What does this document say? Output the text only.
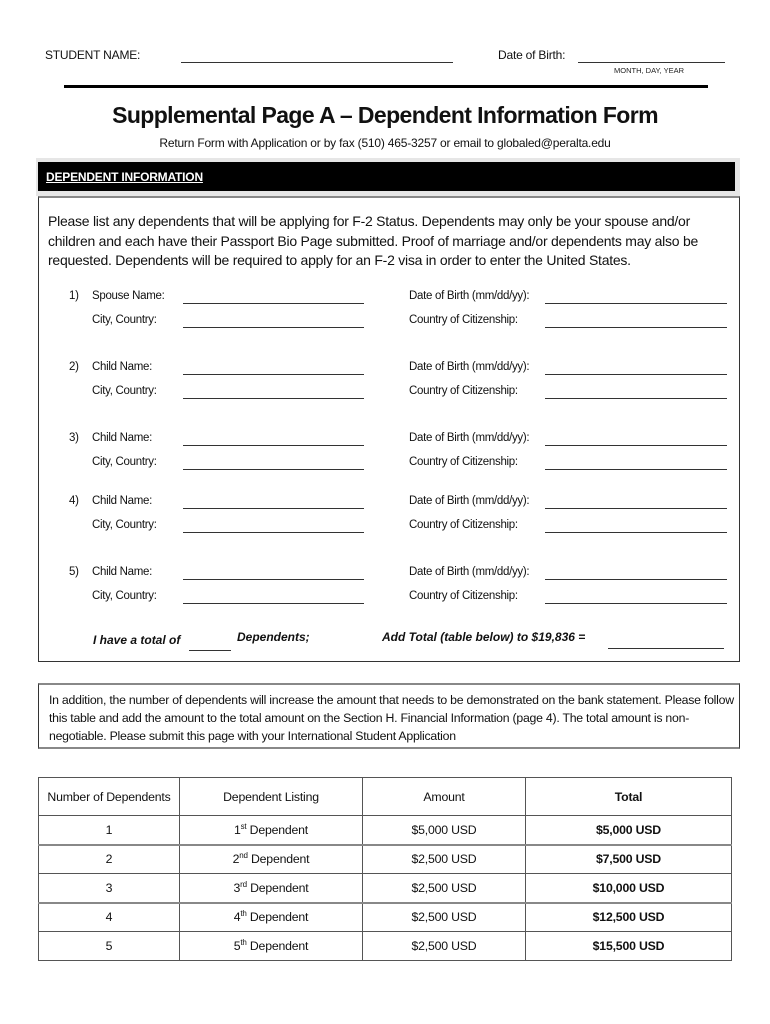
STUDENT NAME:	Date of Birth:
MONTH, DAY, YEAR
Supplemental Page A – Dependent Information Form
Return Form with Application or by fax (510) 465-3257 or email to globaled@peralta.edu
DEPENDENT INFORMATION
Please list any dependents that will be applying for F-2 Status. Dependents may only be your spouse and/or children and each have their Passport Bio Page submitted. Proof of marriage and/or dependents may also be requested. Dependents will be required to apply for an F-2 visa in order to enter the United States.
1) Spouse Name:	Date of Birth (mm/dd/yy):
City, Country:	Country of Citizenship:
2) Child Name:	Date of Birth (mm/dd/yy):
City, Country:	Country of Citizenship:
3) Child Name:	Date of Birth (mm/dd/yy):
City, Country:	Country of Citizenship:
4) Child Name:	Date of Birth (mm/dd/yy):
City, Country:	Country of Citizenship:
5) Child Name:	Date of Birth (mm/dd/yy):
City, Country:	Country of Citizenship:
I have a total of	Dependents;	Add Total (table below) to $19,836 =
In addition, the number of dependents will increase the amount that needs to be demonstrated on the bank statement. Please follow this table and add the amount to the total amount on the Section H. Financial Information (page 4). The total amount is non-negotiable. Please submit this page with your International Student Application
Number of Dependents	Dependent Listing	Amount	Total
1	1st Dependent	$5,000 USD	$5,000 USD
2	2nd Dependent	$2,500 USD	$7,500 USD
3	3rd Dependent	$2,500 USD	$10,000 USD
4	4th Dependent	$2,500 USD	$12,500 USD
5	5th Dependent	$2,500 USD	$15,500 USD
